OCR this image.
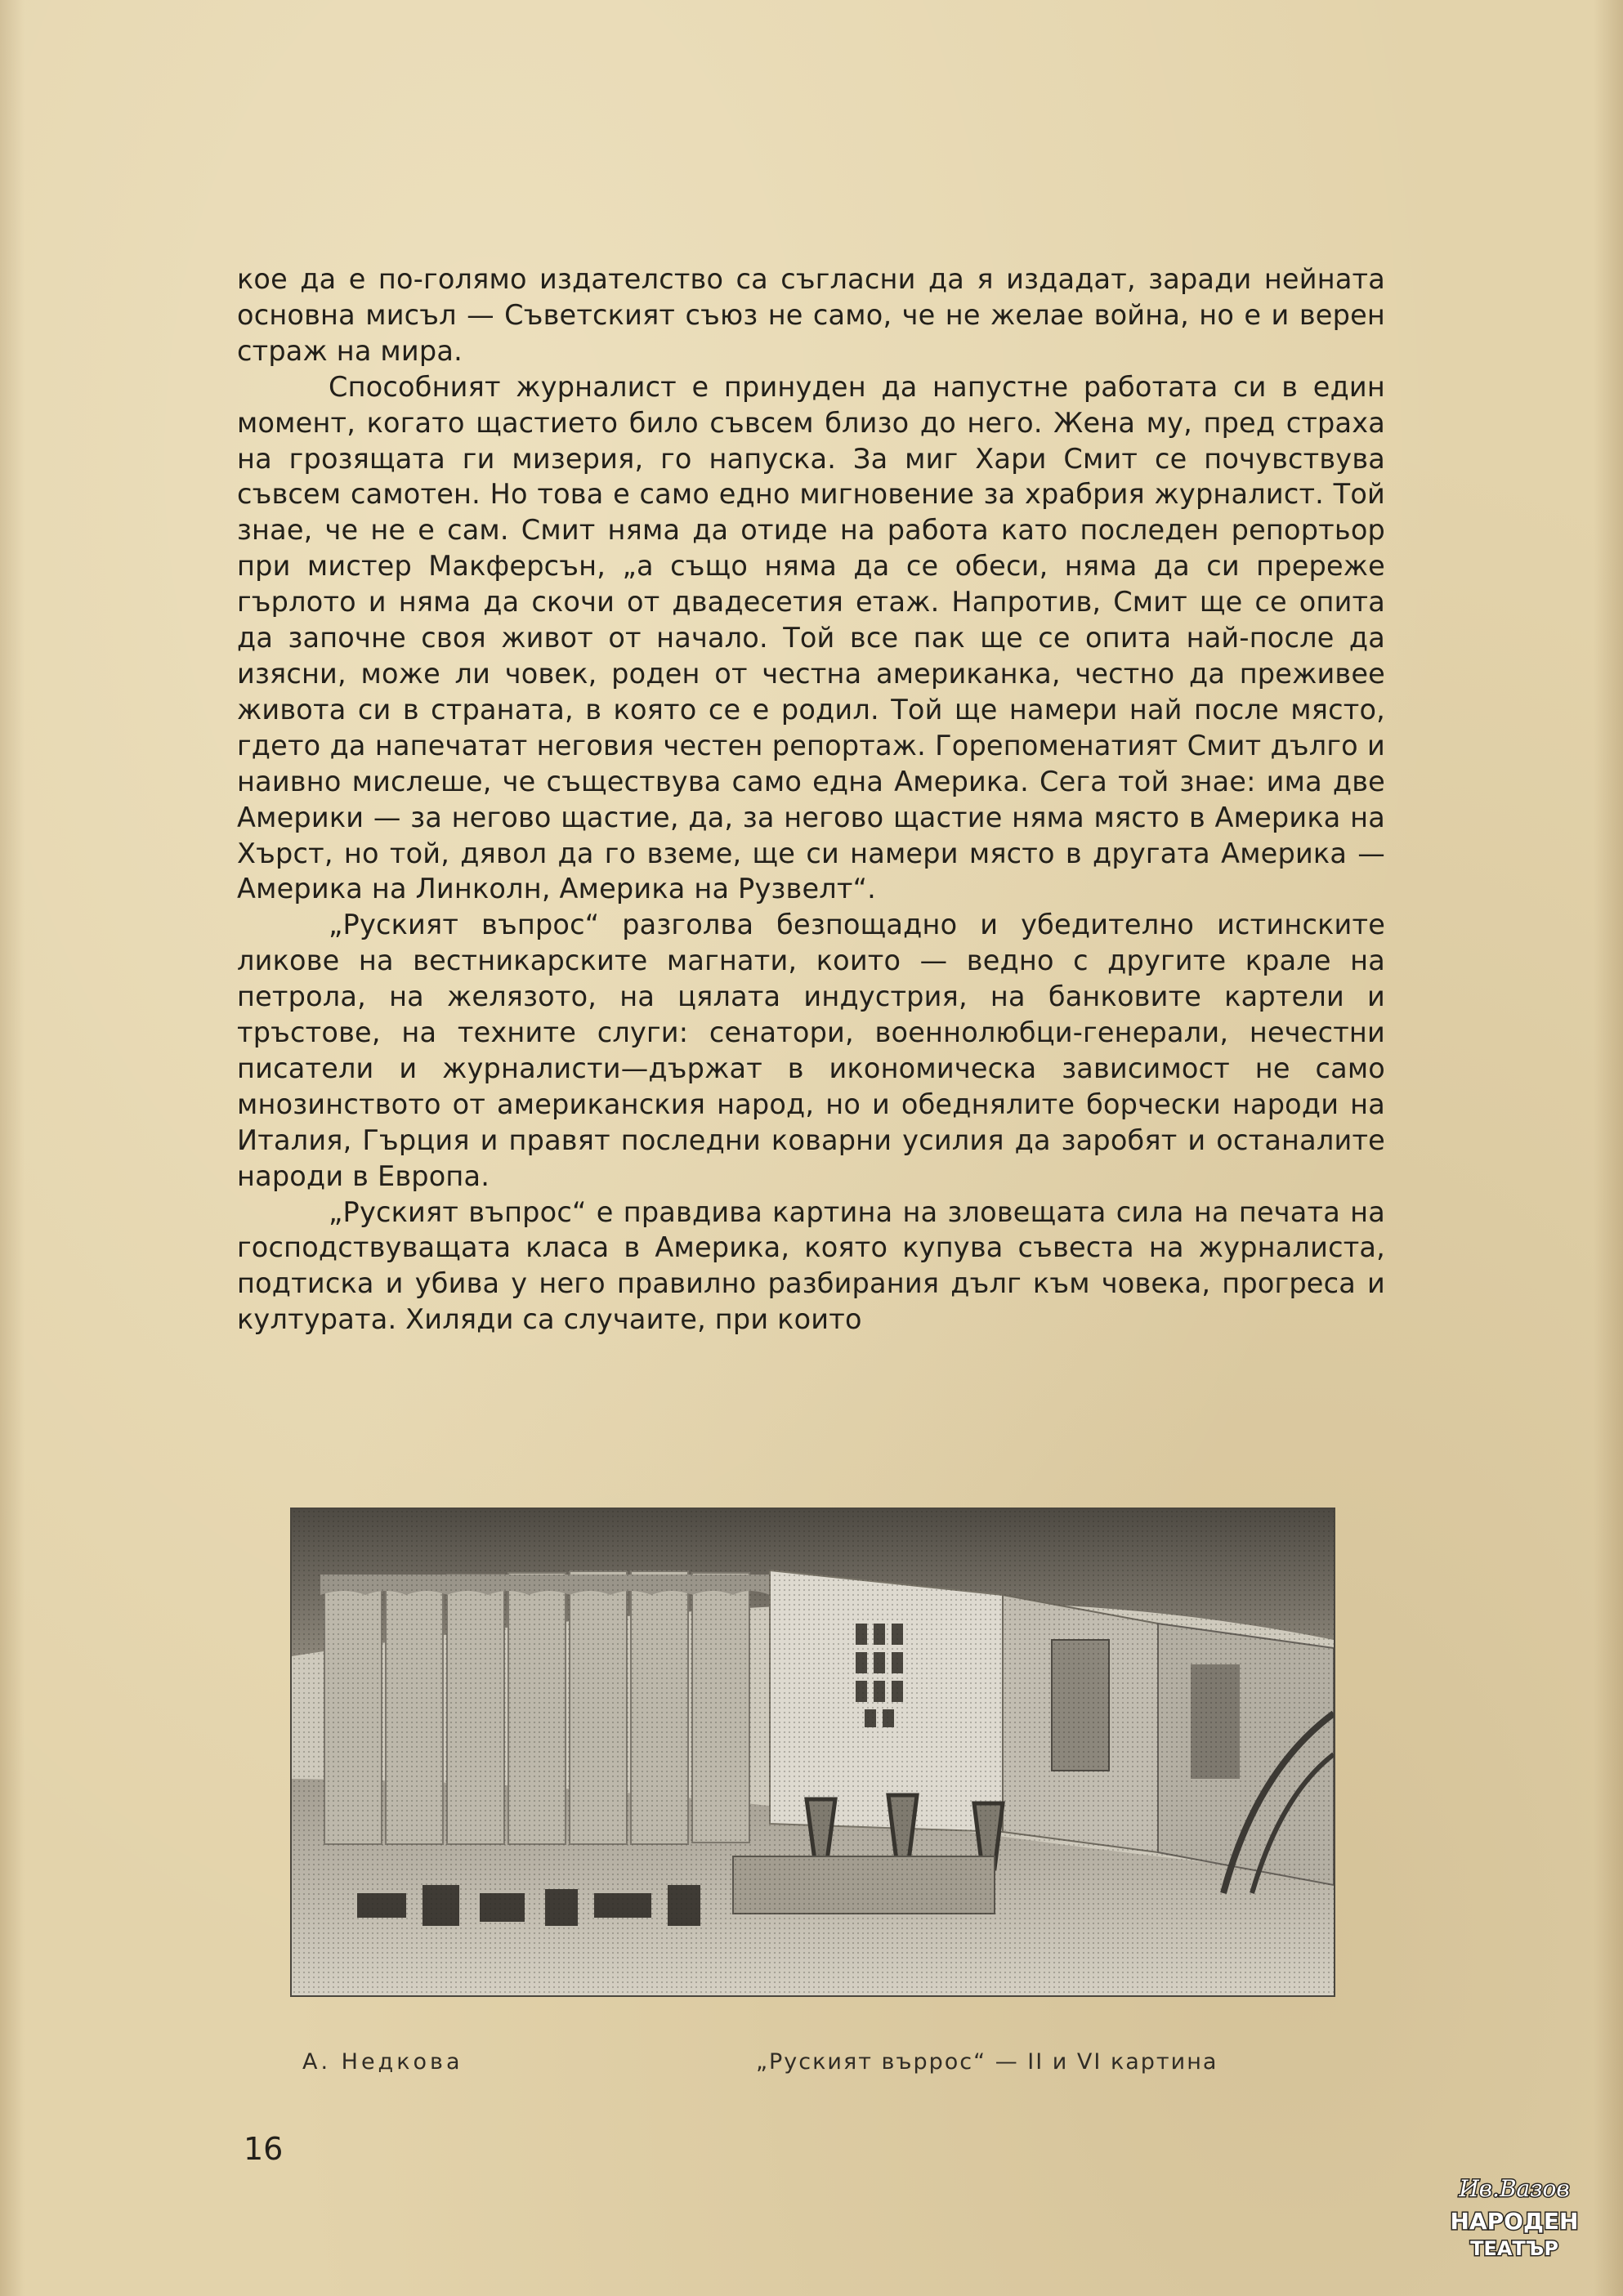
кое да е по-голямо издателство са съгласни да я издадат, заради нейната основна мисъл — Съветският съюз не само, че не желае война, но е и верен страж на мира.

Способният журналист е принуден да напустне работата си в един момент, когато щастието било съвсем близо до него. Жена му, пред страха на грозящата ги мизерия, го напуска. За миг Хари Смит се почувствува съвсем самотен. Но това е само едно мигновение за храбрия журналист. Той знае, че не е сам. Смит няма да отиде на работа като последен репортьор при мистер Макферсън, „а също няма да се обеси, няма да си прережe гърлото и няма да скочи от двадесетия етаж. Напротив, Смит ще се опита да започне своя живот от начало. Той все пак ще се опита най-после да изясни, може ли човек, роден от честна американка, честно да преживее живота си в страната, в която се е родил. Той ще намери най после място, гдето да напечатат неговия честен репортаж. Горепоменатият Смит дълго и наивно мислеше, че съществува само една Америка. Сега той знае: има две Америки — за негово щастие, да, за негово щастие няма място в Америка на Хърст, но той, дявол да го вземе, ще си намери място в другата Америка — Америка на Линколн, Америка на Рузвелт“.

„Руският въпрос“ разголва безпощадно и убедително истинските ликове на вестникарските магнати, които — ведно с другите крале на петрола, на желязото, на цялата индустрия, на банковите картели и тръстове, на техните слуги: сенатори, военнолюбци-генерали, нечестни писатели и журналисти—държат в икономическа зависимост не само мнозинството от американския народ, но и обеднялите борчески народи на Италия, Гърция и правят последни коварни усилия да заробят и останалите народи в Европа.

„Руският въпрос“ е правдива картина на зловещата сила на печата на господствуващата класа в Америка, която купува съвеста на журналиста, подтиска и убива у него правилно разбирания дълг към човека, прогреса и културата. Хиляди са случаите, при които

А. Недкова	„Руският въррос“ — II и VI картина
16
Ив.Вазов
НАРОДЕН
ТЕАТЪР
